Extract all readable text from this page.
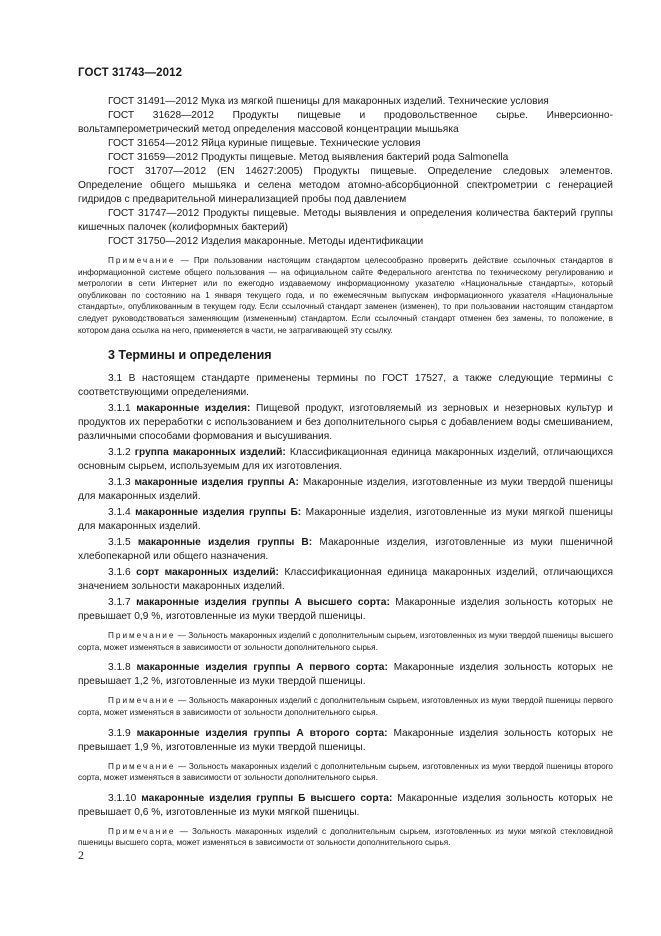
ГОСТ 31743—2012

ГОСТ 31491—2012 Мука из мягкой пшеницы для макаронных изделий. Технические условия

ГОСТ 31628—2012 Продукты пищевые и продовольственное сырье. Инверсионно-вольтамперометрический метод определения массовой концентрации мышьяка

ГОСТ 31654—2012 Яйца куриные пищевые. Технические условия

ГОСТ 31659—2012 Продукты пищевые. Метод выявления бактерий рода Salmonella

ГОСТ 31707—2012 (EN 14627:2005) Продукты пищевые. Определение следовых элементов. Определение общего мышьяка и селена методом атомно-абсорбционной спектрометрии с генерацией гидридов с предварительной минерализацией пробы под давлением

ГОСТ 31747—2012 Продукты пищевые. Методы выявления и определения количества бактерий группы кишечных палочек (колиформных бактерий)

ГОСТ 31750—2012 Изделия макаронные. Методы идентификации

Примечание — При пользовании настоящим стандартом целесообразно проверить действие ссылочных стандартов в информационной системе общего пользования — на официальном сайте Федерального агентства по техническому регулированию и метрологии в сети Интернет или по ежегодно издаваемому информационному указателю «Национальные стандарты», который опубликован по состоянию на 1 января текущего года, и по ежемесячным выпускам информационного указателя «Национальные стандарты», опубликованным в текущем году. Если ссылочный стандарт заменен (изменен), то при пользовании настоящим стандартом следует руководствоваться заменяющим (измененным) стандартом. Если ссылочный стандарт отменен без замены, то положение, в котором дана ссылка на него, применяется в части, не затрагивающей эту ссылку.
3 Термины и определения

3.1 В настоящем стандарте применены термины по ГОСТ 17527, а также следующие термины с соответствующими определениями.

3.1.1 макаронные изделия: Пищевой продукт, изготовляемый из зерновых и незерновых культур и продуктов их переработки с использованием и без дополнительного сырья с добавлением воды смешиванием, различными способами формования и высушивания.

3.1.2 группа макаронных изделий: Классификационная единица макаронных изделий, отличающихся основным сырьем, используемым для их изготовления.

3.1.3 макаронные изделия группы А: Макаронные изделия, изготовленные из муки твердой пшеницы для макаронных изделий.

3.1.4 макаронные изделия группы Б: Макаронные изделия, изготовленные из муки мягкой пшеницы для макаронных изделий.

3.1.5 макаронные изделия группы В: Макаронные изделия, изготовленные из муки пшеничной хлебопекарной или общего назначения.

3.1.6 сорт макаронных изделий: Классификационная единица макаронных изделий, отличающихся значением зольности макаронных изделий.

3.1.7 макаронные изделия группы А высшего сорта: Макаронные изделия зольность которых не превышает 0,9 %, изготовленные из муки твердой пшеницы.

Примечание — Зольность макаронных изделий с дополнительным сырьем, изготовленных из муки твердой пшеницы высшего сорта, может изменяться в зависимости от зольности дополнительного сырья.

3.1.8 макаронные изделия группы А первого сорта: Макаронные изделия зольность которых не превышает 1,2 %, изготовленные из муки твердой пшеницы.

Примечание — Зольность макаронных изделий с дополнительным сырьем, изготовленных из муки твердой пшеницы первого сорта, может изменяться в зависимости от зольности дополнительного сырья.

3.1.9 макаронные изделия группы А второго сорта: Макаронные изделия зольность которых не превышает 1,9 %, изготовленные из муки твердой пшеницы.

Примечание — Зольность макаронных изделий с дополнительным сырьем, изготовленных из муки твердой пшеницы второго сорта, может изменяться в зависимости от зольности дополнительного сырья.

3.1.10 макаронные изделия группы Б высшего сорта: Макаронные изделия зольность которых не превышает 0,6 %, изготовленные из муки мягкой пшеницы.

Примечание — Зольность макаронных изделий с дополнительным сырьем, изготовленных из муки мягкой стекловидной пшеницы высшего сорта, может изменяться в зависимости от зольности дополнительного сырья.
2
